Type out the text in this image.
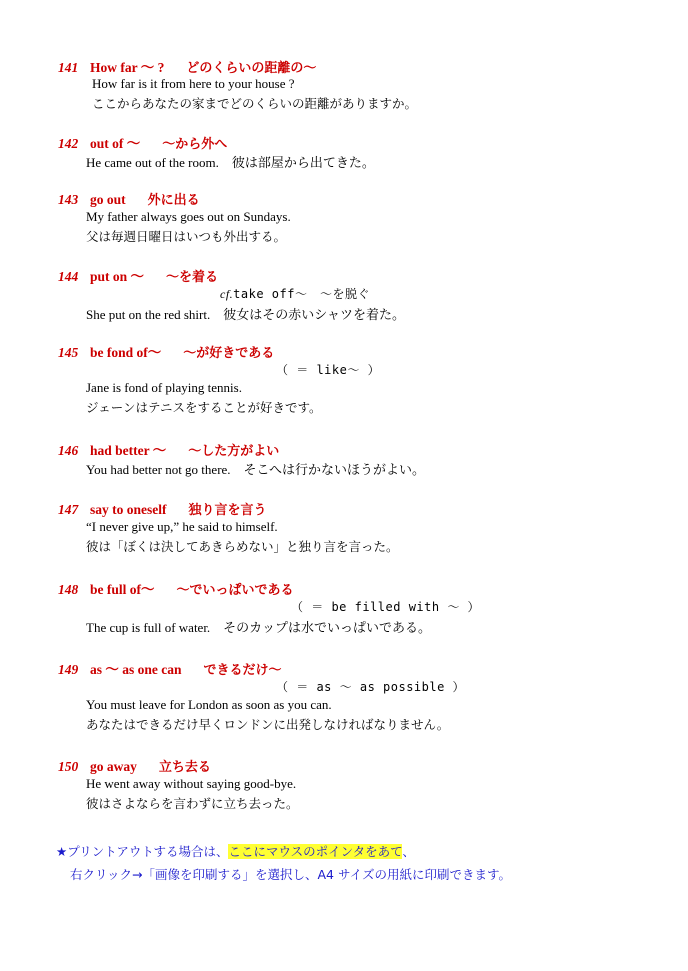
141 How far ～ ? どのくらいの距離の～
How far is it from here to your house ?
ここからあなたの家までどのくらいの距離がありますか。
142 out of ～ ～から外へ
He came out of the room.　彼は部屋から出てきた。
143 go out 外に出る
My father always goes out on Sundays.
父は毎週日曜日はいつも外出する。
144 put on ～ ～を着る
cf.take off～　～を脱ぐ
She put on the red shirt.　彼女はその赤いシャツを着た。
145 be fond of～ ～が好きである
（ ＝ like～ ）
Jane is fond of playing tennis.
ジェーンはテニスをすることが好きです。
146 had better ～ ～した方がよい
You had better not go there.　そこへは行かないほうがよい。
147 say to oneself 独り言を言う
“I never give up,” he said to himself.
彼は「ぼくは決してあきらめない」と独り言を言った。
148 be full of～ ～でいっぱいである
（ ＝ be filled with ～ ）
The cup is full of water.　そのカップは水でいっぱいである。
149 as ～ as one can できるだけ～
（ ＝ as ～ as possible ）
You must leave for London as soon as you can.
あなたはできるだけ早くロンドンに出発しなければなりません。
150 go away 立ち去る
He went away without saying good-bye.
彼はさよならを言わずに立ち去った。
★プリントアウトする場合は、ここにマウスのポインタをあて、
右クリック→「画像を印刷する」を選択し、A4 サイズの用紙に印刷できます。
